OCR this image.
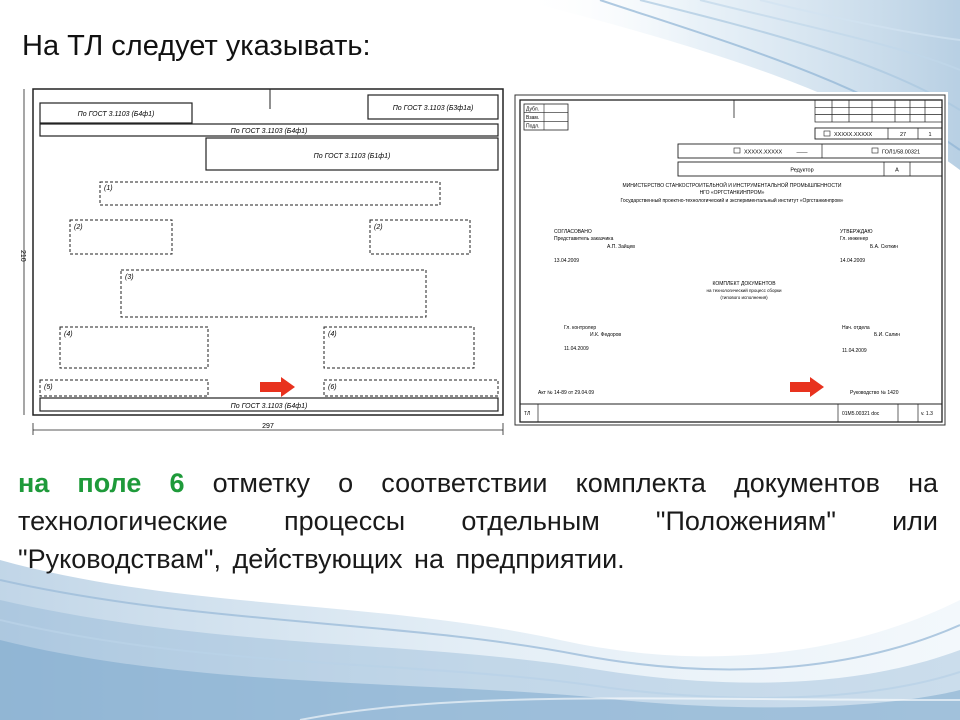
На ТЛ следует указывать:
По ГОСТ 3.1103 (Б4ф1)
По ГОСТ 3.1103 (Б3ф1а)
По ГОСТ 3.1103 (Б4ф1)
По ГОСТ 3.1103 (Б1ф1)
(1)
(2)	(2)
(3)
(4)	(4)
(5)	(6)
По ГОСТ 3.1103 (Б4ф1)
297
210
Дубл.
Взам.
Подл.
ХХХХХ.ХХХХХ	27	1
ХХХХХ.ХХХХХ	——	ГОЛ1/58.00321
Редуктор	А
МИНИСТЕРСТВО СТАНКОСТРОИТЕЛЬНОЙ И ИНСТРУМЕНТАЛЬНОЙ ПРОМЫШЛЕННОСТИ
НГО «ОРГСТАНКИНПРОМ»
Государственный проектно-технологический и экспериментальный институт «Оргстанкинпром»
СОГЛАСОВАНО
Представитель заказчика
А.П. Зайцев
13.04.2009
УТВЕРЖДАЮ
Гл. инженер
Б.А. Сюткин
14.04.2009
КОМПЛЕКТ ДОКУМЕНТОВ
на технологический процесс сборки
(типового исполнения)
Гл. контролер
И.К. Федоров
11.04.2009
Нач. отдела
Б.И. Салин
11.04.2009
Акт № 14-89 от 29.04.09	Руководство № 1420
ТЛ	01М5.00321 doc	v. 1.3
на поле 6 отметку о соответствии комплекта документов на технологические процессы отдельным "Положениям" или "Руководствам", действующих на предприятии.
